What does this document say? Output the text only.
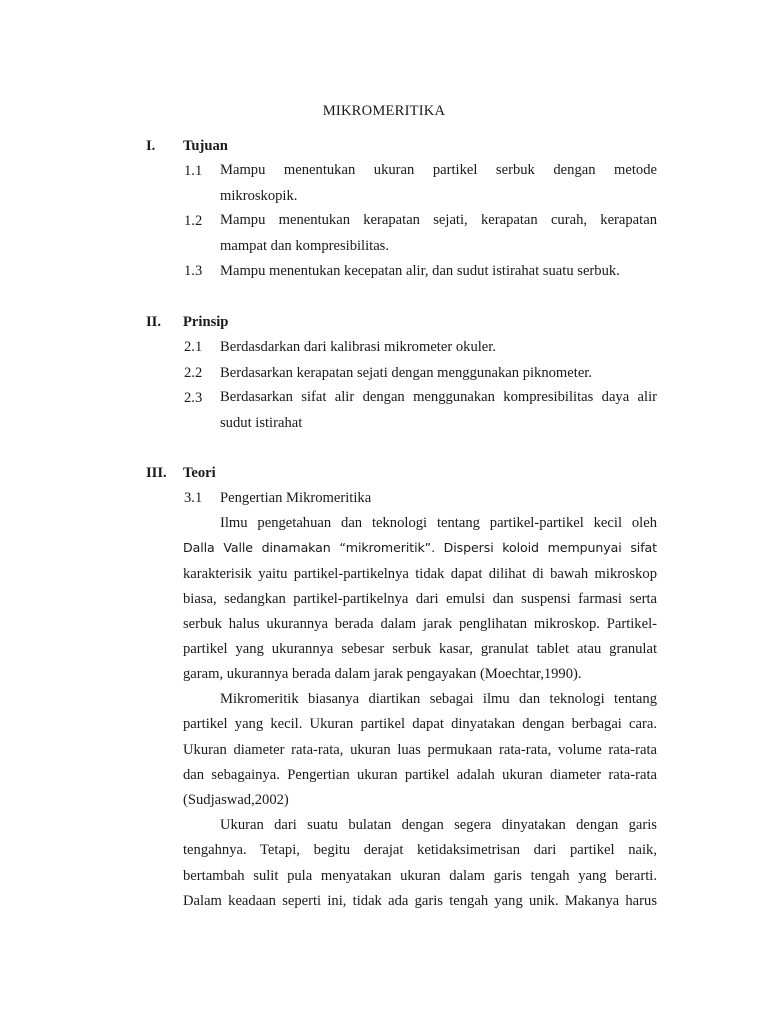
MIKROMERITIKA
I. Tujuan
1.1 Mampu menentukan ukuran partikel serbuk dengan metode
mikroskopik.
1.2 Mampu menentukan kerapatan sejati, kerapatan curah, kerapatan
mampat dan kompresibilitas.
1.3 Mampu menentukan kecepatan alir, dan sudut istirahat suatu serbuk.
II. Prinsip
2.1 Berdasdarkan dari kalibrasi mikrometer okuler.
2.2 Berdasarkan kerapatan sejati dengan menggunakan piknometer.
2.3 Berdasarkan sifat alir dengan menggunakan kompresibilitas daya alir
sudut istirahat
III. Teori
3.1 Pengertian Mikromeritika
Ilmu pengetahuan dan teknologi tentang partikel-partikel kecil oleh
Dalla Valle dinamakan “mikromeritik”. Dispersi koloid mempunyai sifat
karakterisik yaitu partikel-partikelnya tidak dapat dilihat di bawah mikroskop
biasa, sedangkan partikel-partikelnya dari emulsi dan suspensi farmasi serta
serbuk halus ukurannya berada dalam jarak penglihatan mikroskop. Partikel-
partikel yang ukurannya sebesar serbuk kasar, granulat tablet atau granulat
garam, ukurannya berada dalam jarak pengayakan (Moechtar,1990).
Mikromeritik biasanya diartikan sebagai ilmu dan teknologi tentang
partikel yang kecil. Ukuran partikel dapat dinyatakan dengan berbagai cara.
Ukuran diameter rata-rata, ukuran luas permukaan rata-rata, volume rata-rata
dan sebagainya. Pengertian ukuran partikel adalah ukuran diameter rata-rata
(Sudjaswad,2002)
Ukuran dari suatu bulatan dengan segera dinyatakan dengan garis
tengahnya. Tetapi, begitu derajat ketidaksimetrisan dari partikel naik,
bertambah sulit pula menyatakan ukuran dalam garis tengah yang berarti.
Dalam keadaan seperti ini, tidak ada garis tengah yang unik. Makanya harus
